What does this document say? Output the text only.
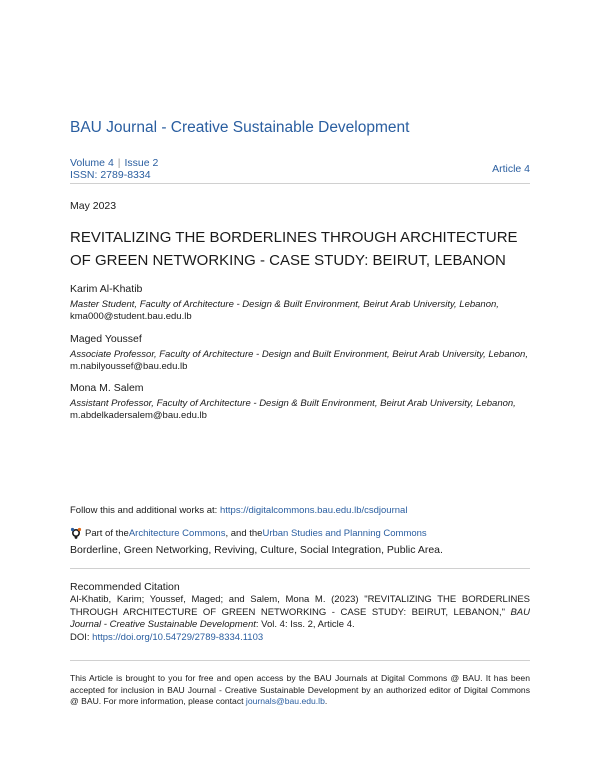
BAU Journal - Creative Sustainable Development
Volume 4 | Issue 2
ISSN: 2789-8334	Article 4
May 2023
REVITALIZING THE BORDERLINES THROUGH ARCHITECTURE OF GREEN NETWORKING - CASE STUDY: BEIRUT, LEBANON
Karim Al-Khatib
Master Student, Faculty of Architecture - Design & Built Environment, Beirut Arab University, Lebanon,
kma000@student.bau.edu.lb
Maged Youssef
Associate Professor, Faculty of Architecture - Design and Built Environment, Beirut Arab University, Lebanon, m.nabilyoussef@bau.edu.lb
Mona M. Salem
Assistant Professor, Faculty of Architecture - Design & Built Environment, Beirut Arab University, Lebanon,
m.abdelkadersalem@bau.edu.lb
Follow this and additional works at: https://digitalcommons.bau.edu.lb/csdjournal
Part of the Architecture Commons , and the Urban Studies and Planning Commons
Borderline, Green Networking, Reviving, Culture, Social Integration, Public Area.
Recommended Citation
Al-Khatib, Karim; Youssef, Maged; and Salem, Mona M. (2023) "REVITALIZING THE BORDERLINES THROUGH ARCHITECTURE OF GREEN NETWORKING - CASE STUDY: BEIRUT, LEBANON," BAU Journal - Creative Sustainable Development: Vol. 4: Iss. 2, Article 4.
DOI: https://doi.org/10.54729/2789-8334.1103
This Article is brought to you for free and open access by the BAU Journals at Digital Commons @ BAU. It has been accepted for inclusion in BAU Journal - Creative Sustainable Development by an authorized editor of Digital Commons @ BAU. For more information, please contact journals@bau.edu.lb.
